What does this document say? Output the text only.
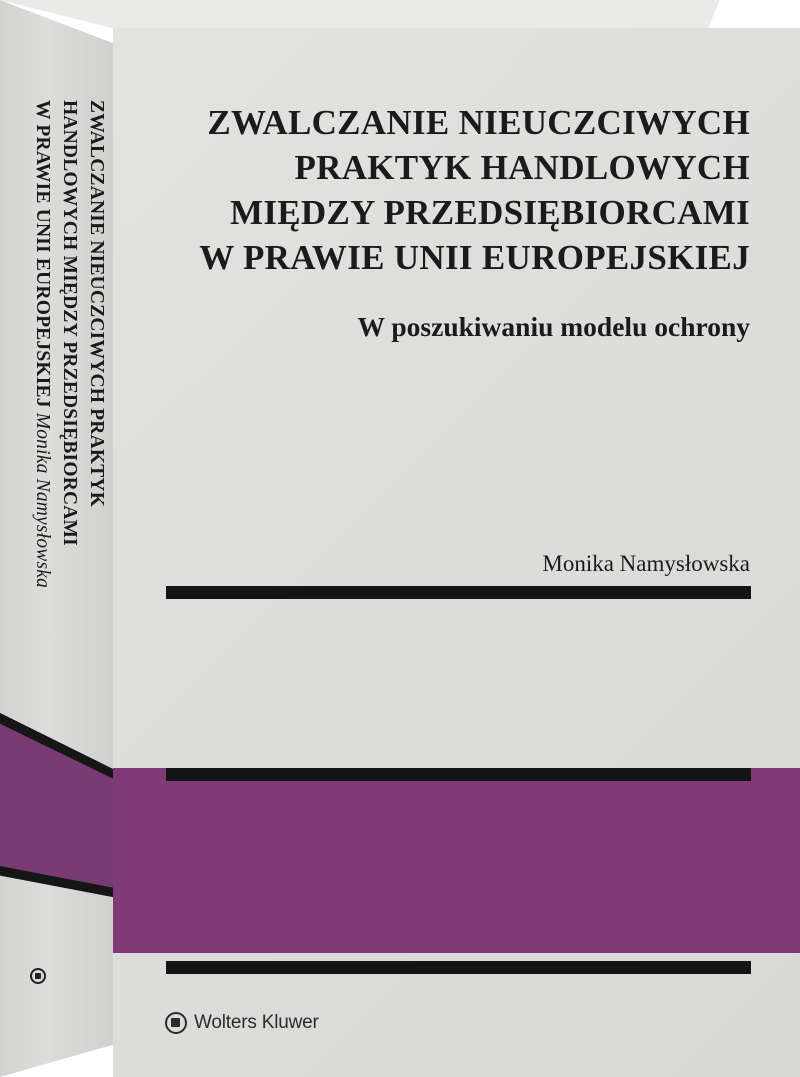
ZWALCZANIE NIEUCZCIWYCH PRAKTYK
HANDLOWYCH MIĘDZY PRZEDSIĘBIORCAMI
W PRAWIE UNII EUROPEJSKIEJ Monika Namysłowska
ZWALCZANIE NIEUCZCIWYCH
PRAKTYK HANDLOWYCH
MIĘDZY PRZEDSIĘBIORCAMI
W PRAWIE UNII EUROPEJSKIEJ
W poszukiwaniu modelu ochrony
Monika Namysłowska
Wolters Kluwer
